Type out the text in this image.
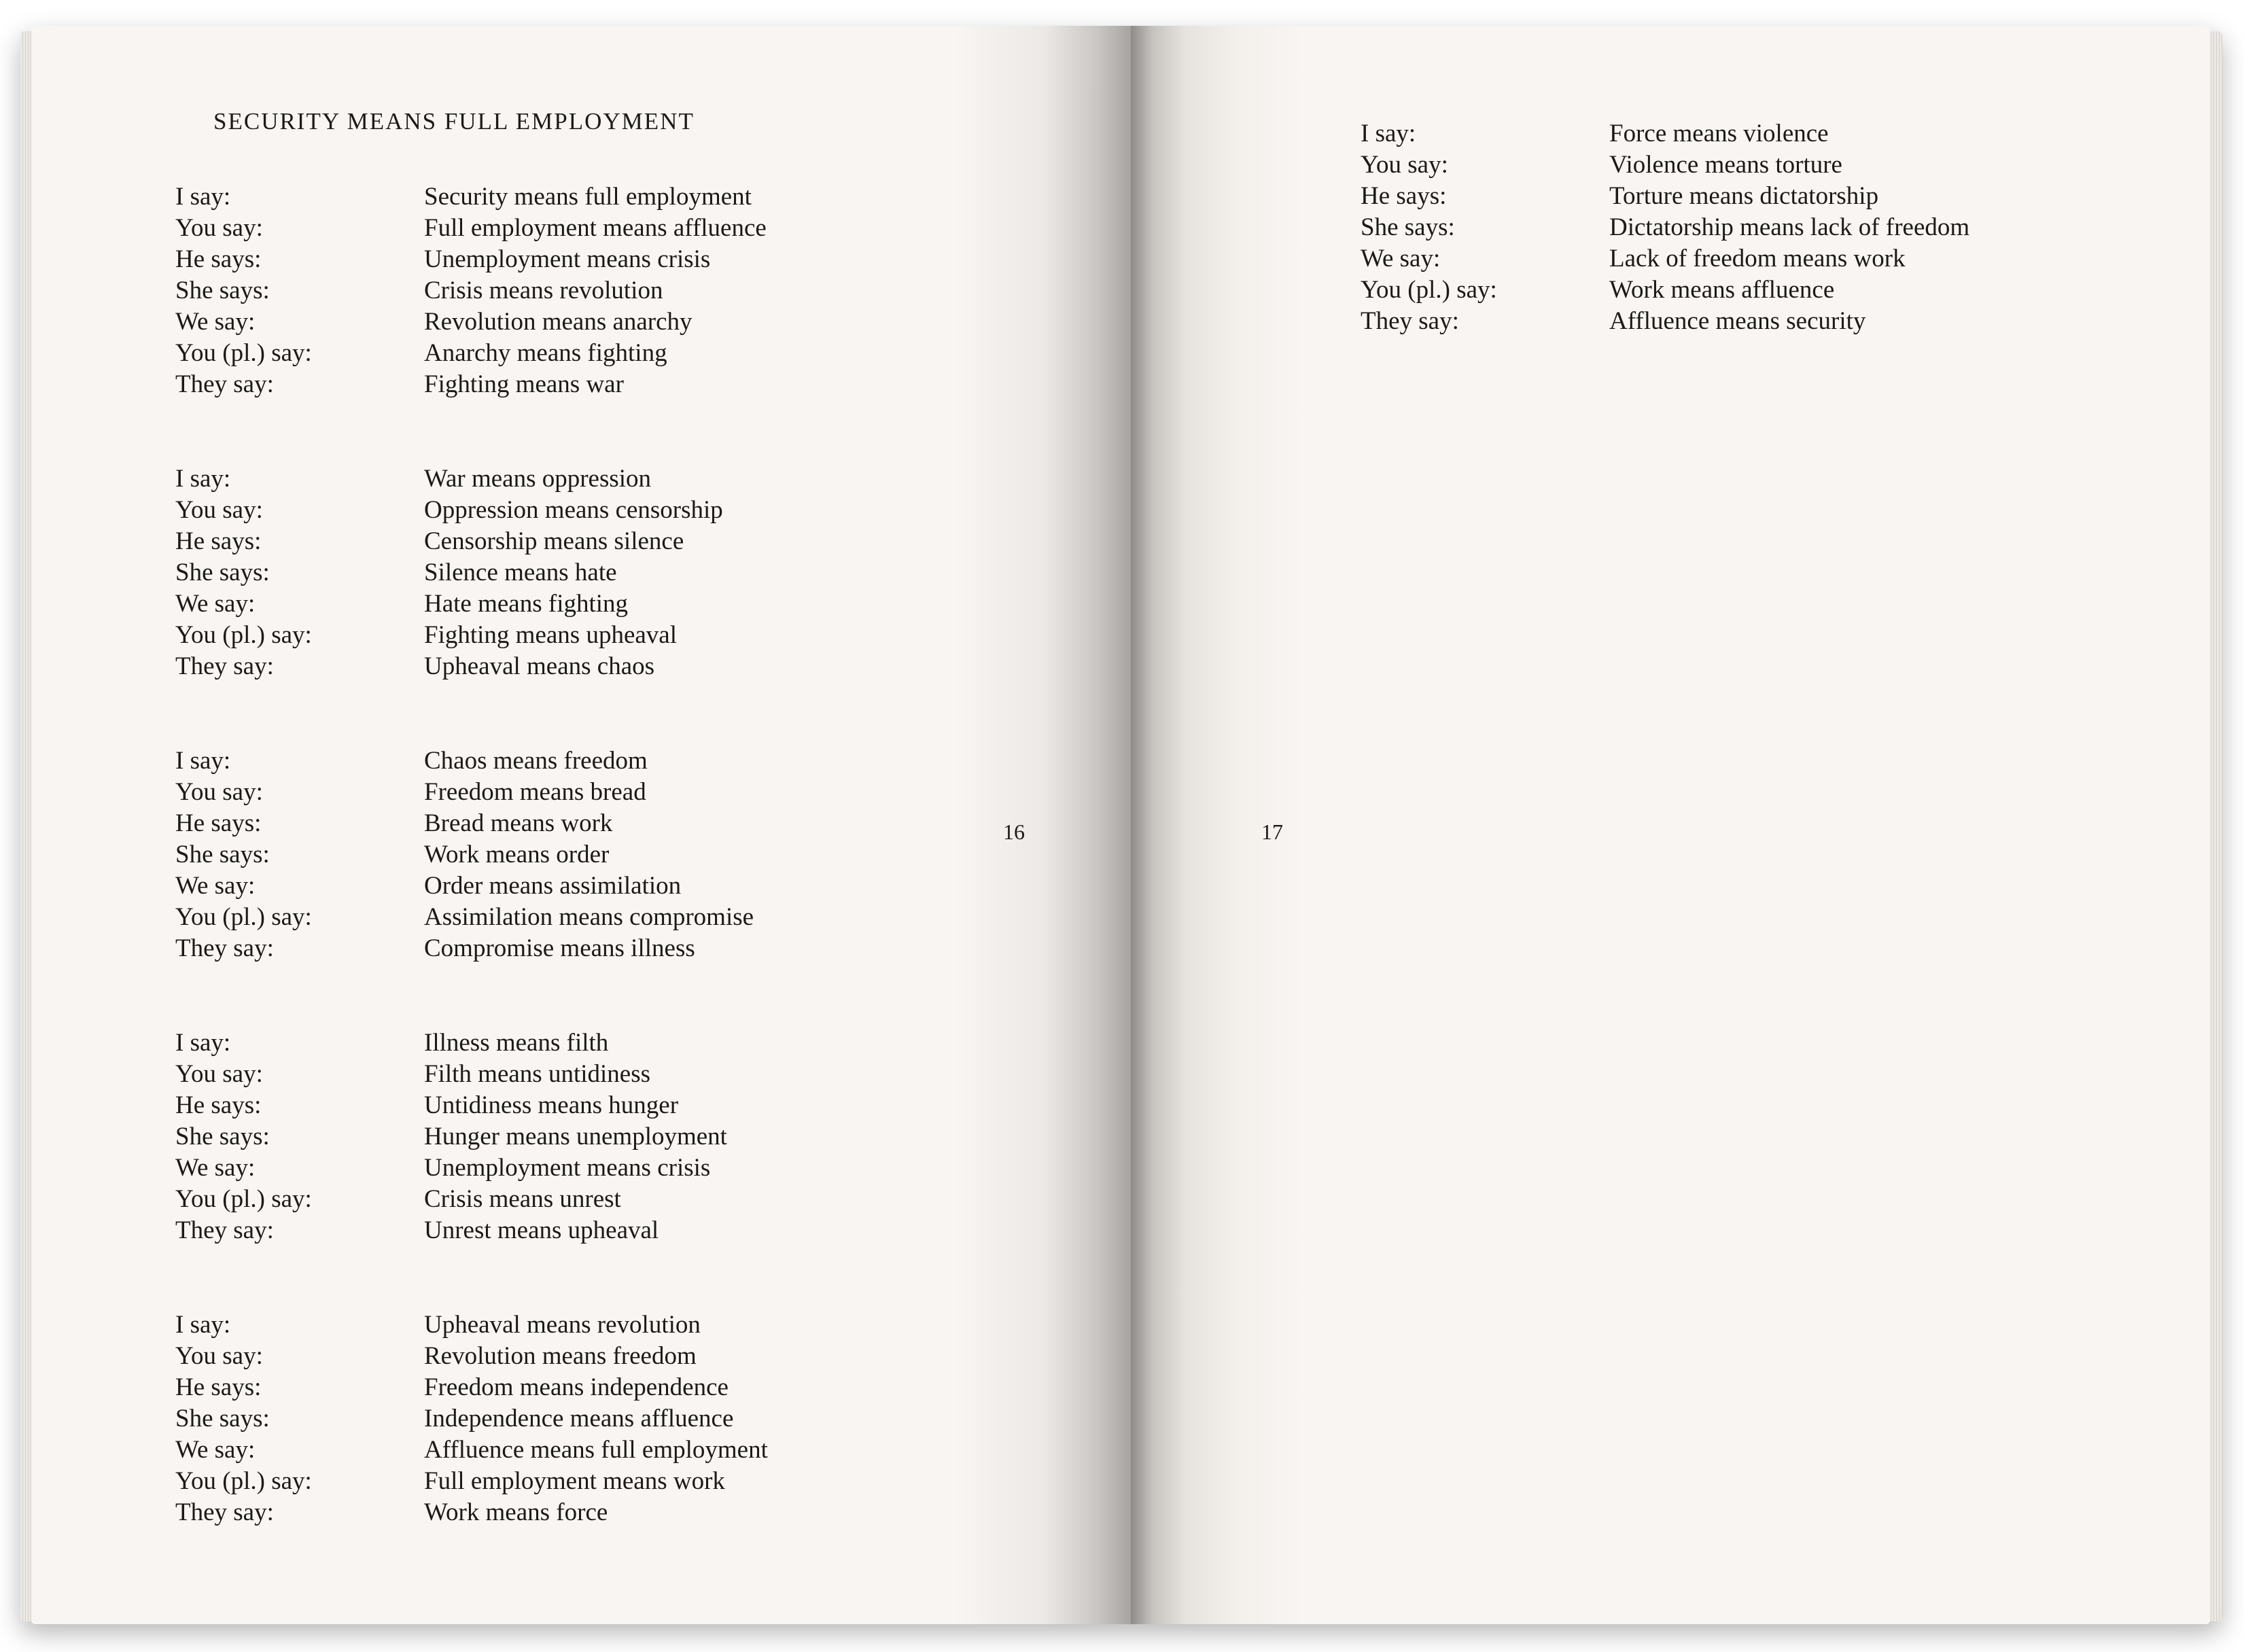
SECURITY MEANS FULL EMPLOYMENT
16
I say:	Security means full employment
You say:	Full employment means affluence
He says:	Unemployment means crisis
She says:	Crisis means revolution
We say:	Revolution means anarchy
You (pl.) say:	Anarchy means fighting
They say:	Fighting means war
I say:	War means oppression
You say:	Oppression means censorship
He says:	Censorship means silence
She says:	Silence means hate
We say:	Hate means fighting
You (pl.) say:	Fighting means upheaval
They say:	Upheaval means chaos
I say:	Chaos means freedom
You say:	Freedom means bread
He says:	Bread means work
She says:	Work means order
We say:	Order means assimilation
You (pl.) say:	Assimilation means compromise
They say:	Compromise means illness
I say:	Illness means filth
You say:	Filth means untidiness
He says:	Untidiness means hunger
She says:	Hunger means unemployment
We say:	Unemployment means crisis
You (pl.) say:	Crisis means unrest
They say:	Unrest means upheaval
I say:	Upheaval means revolution
You say:	Revolution means freedom
He says:	Freedom means independence
She says:	Independence means affluence
We say:	Affluence means full employment
You (pl.) say:	Full employment means work
They say:	Work means force
17
I say:	Force means violence
You say:	Violence means torture
He says:	Torture means dictatorship
She says:	Dictatorship means lack of freedom
We say:	Lack of freedom means work
You (pl.) say:	Work means affluence
They say:	Affluence means security
